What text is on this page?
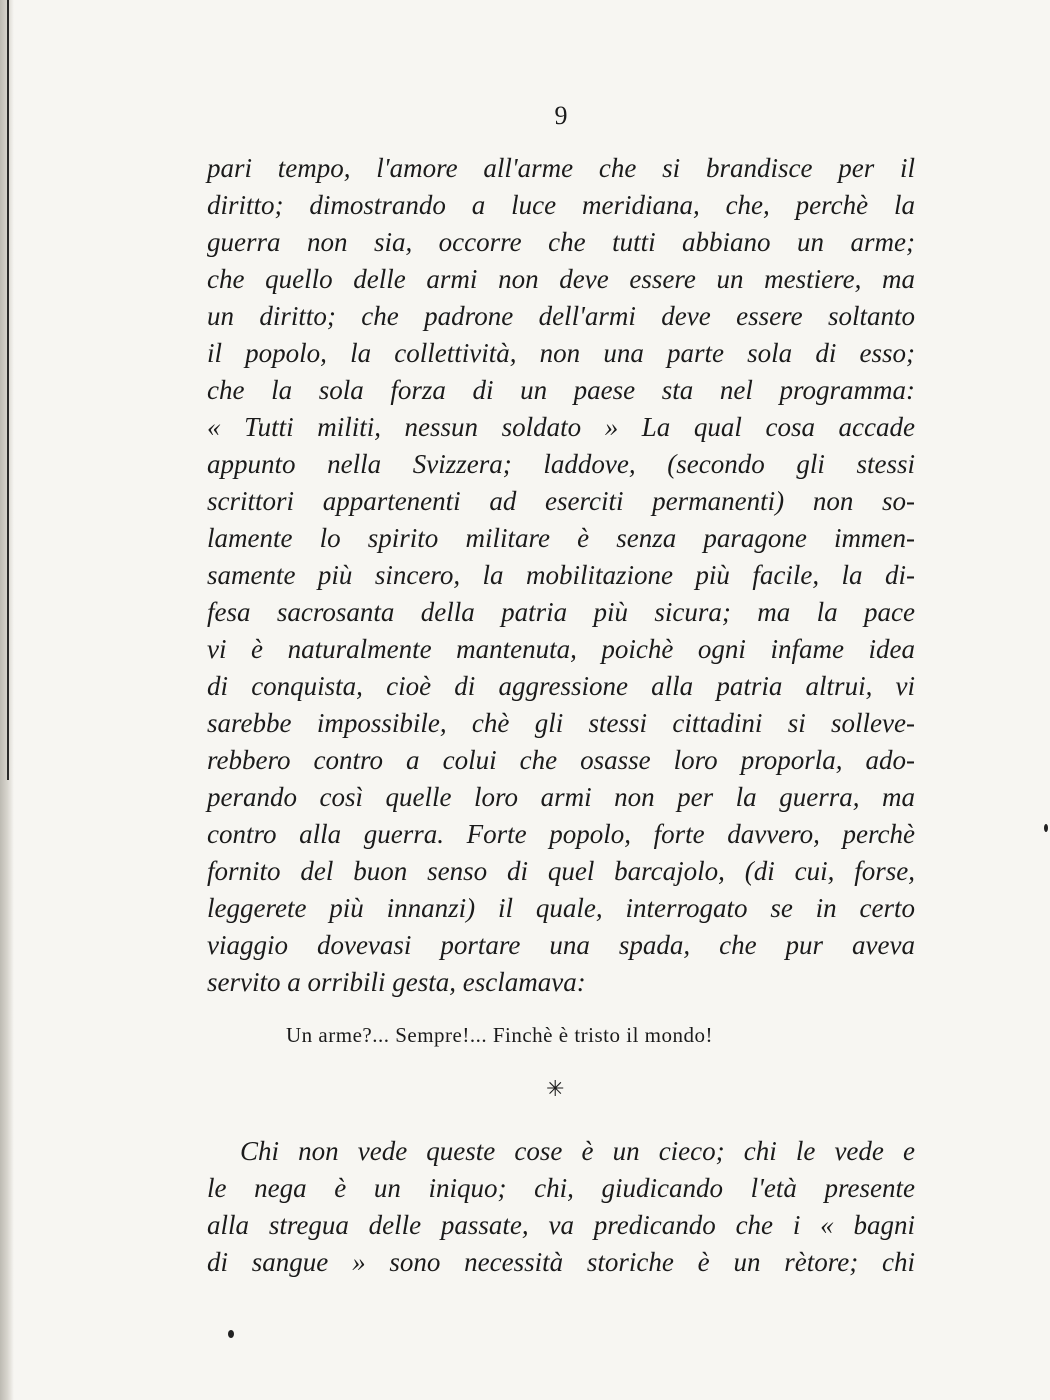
9

pari tempo, l'amore all'arme che si brandisce per il

diritto; dimostrando a luce meridiana, che, perchè la

guerra non sia, occorre che tutti abbiano un arme;

che quello delle armi non deve essere un mestiere, ma

un diritto; che padrone dell'armi deve essere soltanto

il popolo, la collettività, non una parte sola di esso;

che la sola forza di un paese sta nel programma:

« Tutti militi, nessun soldato » La qual cosa accade

appunto nella Svizzera; laddove, (secondo gli stessi

scrittori appartenenti ad eserciti permanenti) non so-

lamente lo spirito militare è senza paragone immen-

samente più sincero, la mobilitazione più facile, la di-

fesa sacrosanta della patria più sicura; ma la pace

vi è naturalmente mantenuta, poichè ogni infame idea

di conquista, cioè di aggressione alla patria altrui, vi

sarebbe impossibile, chè gli stessi cittadini si solleve-

rebbero contro a colui che osasse loro proporla, ado-

perando così quelle loro armi non per la guerra, ma

contro alla guerra. Forte popolo, forte davvero, perchè

fornito del buon senso di quel barcajolo, (di cui, forse,

leggerete più innanzi) il quale, interrogato se in certo

viaggio dovevasi portare una spada, che pur aveva

servito a orribili gesta, esclamava:

Un arme?... Sempre!... Finchè è tristo il mondo!

✳

Chi non vede queste cose è un cieco; chi le vede e

le nega è un iniquo; chi, giudicando l'età presente

alla stregua delle passate, va predicando che i « bagni

di sangue » sono necessità storiche è un rètore; chi
